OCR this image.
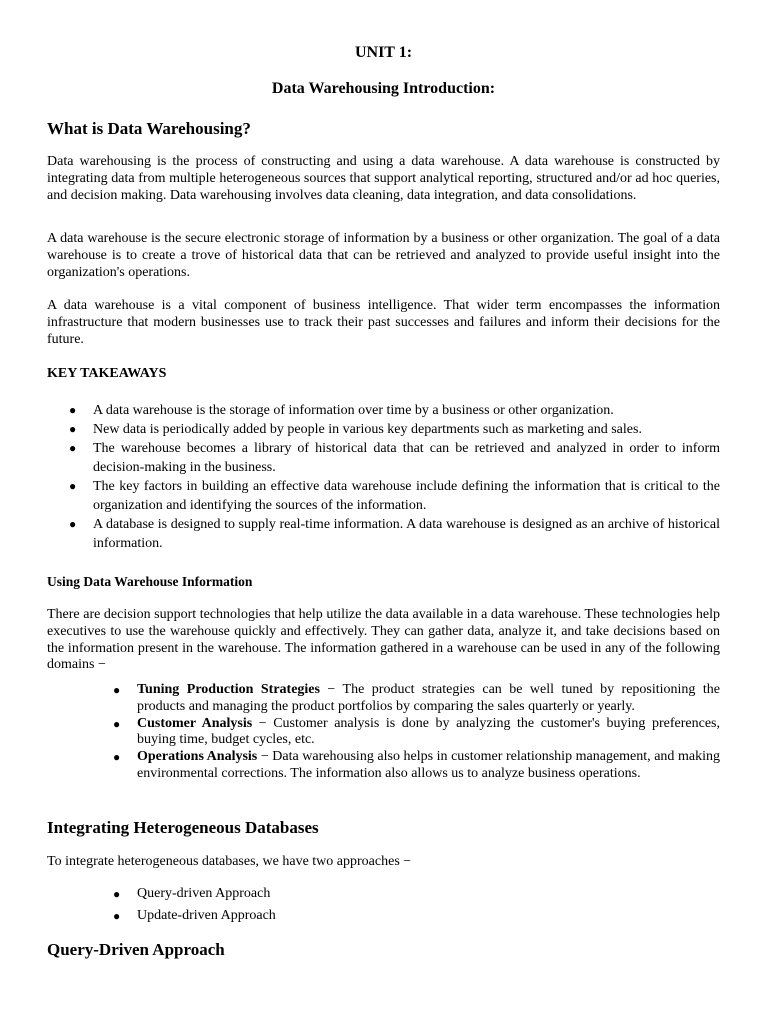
UNIT 1:
Data Warehousing Introduction:
What is Data Warehousing?

Data warehousing is the process of constructing and using a data warehouse. A data warehouse is constructed by integrating data from multiple heterogeneous sources that support analytical reporting, structured and/or ad hoc queries, and decision making. Data warehousing involves data cleaning, data integration, and data consolidations.

A data warehouse is the secure electronic storage of information by a business or other organization. The goal of a data warehouse is to create a trove of historical data that can be retrieved and analyzed to provide useful insight into the organization's operations.

A data warehouse is a vital component of business intelligence. That wider term encompasses the information infrastructure that modern businesses use to track their past successes and failures and inform their decisions for the future.

KEY TAKEAWAYS
● A data warehouse is the storage of information over time by a business or other organization.
● New data is periodically added by people in various key departments such as marketing and sales.
● The warehouse becomes a library of historical data that can be retrieved and analyzed in order to inform decision-making in the business.
● The key factors in building an effective data warehouse include defining the information that is critical to the organization and identifying the sources of the information.
● A database is designed to supply real-time information. A data warehouse is designed as an archive of historical information.
Using Data Warehouse Information

There are decision support technologies that help utilize the data available in a data warehouse. These technologies help executives to use the warehouse quickly and effectively. They can gather data, analyze it, and take decisions based on the information present in the warehouse. The information gathered in a warehouse can be used in any of the following domains −

● Tuning Production Strategies − The product strategies can be well tuned by repositioning the products and managing the product portfolios by comparing the sales quarterly or yearly.
● Customer Analysis − Customer analysis is done by analyzing the customer's buying preferences, buying time, budget cycles, etc.
● Operations Analysis − Data warehousing also helps in customer relationship management, and making environmental corrections. The information also allows us to analyze business operations.
Integrating Heterogeneous Databases

To integrate heterogeneous databases, we have two approaches −

● Query-driven Approach
● Update-driven Approach
Query-Driven Approach
